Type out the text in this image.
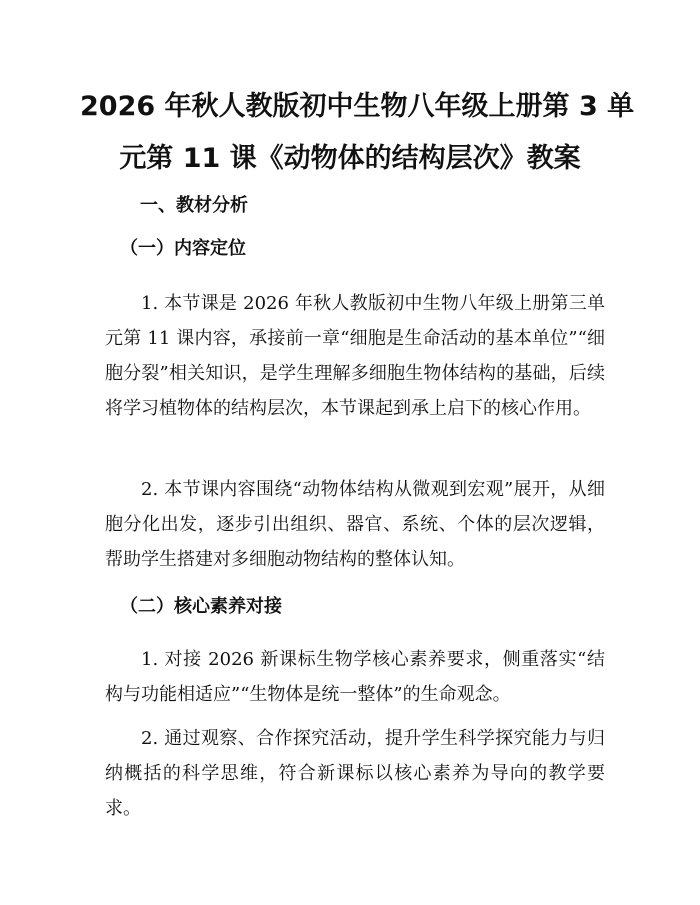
2026 年秋人教版初中生物八年级上册第 3 单
元第 11 课《动物体的结构层次》教案
一、教材分析
（一）内容定位

1. 本节课是 2026 年秋人教版初中生物八年级上册第三单元第 11 课内容，承接前一章“细胞是生命活动的基本单位”“细胞分裂”相关知识，是学生理解多细胞生物体结构的基础，后续将学习植物体的结构层次，本节课起到承上启下的核心作用。

2. 本节课内容围绕“动物体结构从微观到宏观”展开，从细胞分化出发，逐步引出组织、器官、系统、个体的层次逻辑，帮助学生搭建对多细胞动物结构的整体认知。

（二）核心素养对接

1. 对接 2026 新课标生物学核心素养要求，侧重落实“结构与功能相适应”“生物体是统一整体”的生命观念。

2. 通过观察、合作探究活动，提升学生科学探究能力与归纳概括的科学思维，符合新课标以核心素养为导向的教学要求。
